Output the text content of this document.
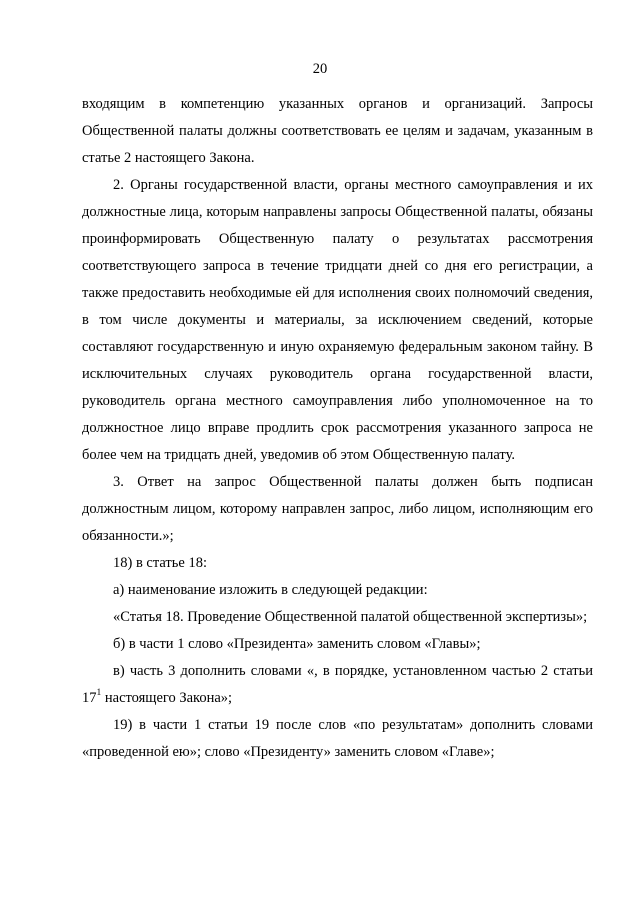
20

входящим в компетенцию указанных органов и организаций. Запросы Общественной палаты должны соответствовать ее целям и задачам, указанным в статье 2 настоящего Закона.

2. Органы государственной власти, органы местного самоуправления и их должностные лица, которым направлены запросы Общественной палаты, обязаны проинформировать Общественную палату о результатах рассмотрения соответствующего запроса в течение тридцати дней со дня его регистрации, а также предоставить необходимые ей для исполнения своих полномочий сведения, в том числе документы и материалы, за исключением сведений, которые составляют государственную и иную охраняемую федеральным законом тайну. В исключительных случаях руководитель органа государственной власти, руководитель органа местного самоуправления либо уполномоченное на то должностное лицо вправе продлить срок рассмотрения указанного запроса не более чем на тридцать дней, уведомив об этом Общественную палату.

3. Ответ на запрос Общественной палаты должен быть подписан должностным лицом, которому направлен запрос, либо лицом, исполняющим его обязанности.»;

18) в статье 18:

а) наименование изложить в следующей редакции:

«Статья 18. Проведение Общественной палатой общественной экспертизы»;

б) в части 1 слово «Президента» заменить словом «Главы»;

в) часть 3 дополнить словами «, в порядке, установленном частью 2 статьи $17^1$ настоящего Закона»;

19) в части 1 статьи 19 после слов «по результатам» дополнить словами «проведенной ею»; слово «Президенту» заменить словом «Главе»;
